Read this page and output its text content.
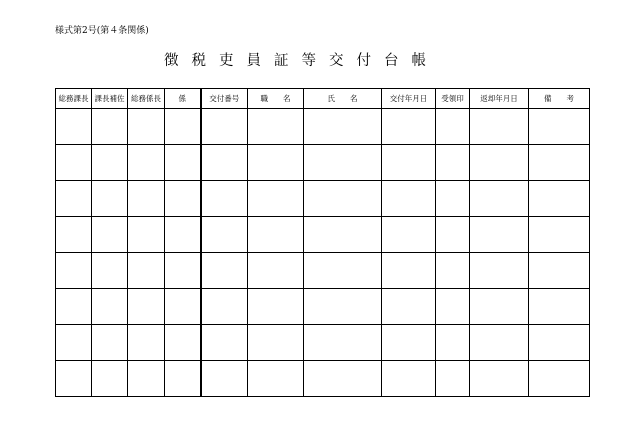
様式第2号(第４条関係)
徴 税 吏 員 証 等 交 付 台 帳
総務課長	課長補佐	総務係長	係	交付番号	職　　名	氏　　名	交付年月日	受領印	返却年月日	備　　考
